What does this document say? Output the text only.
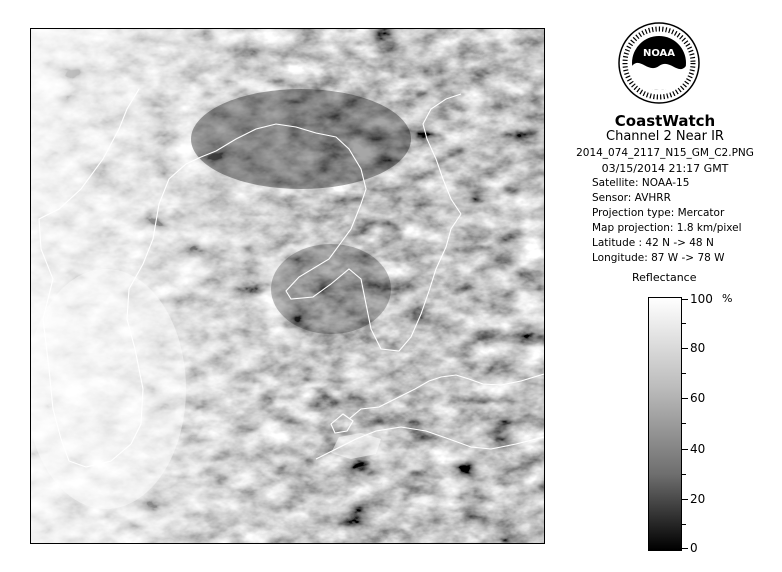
NOAA
CoastWatch
Channel 2 Near IR
2014_074_2117_N15_GM_C2.PNG
03/15/2014 21:17 GMT
Satellite: NOAA-15
Sensor: AVHRR
Projection type: Mercator
Map projection: 1.8 km/pixel
Latitude : 42 N -> 48 N
Longitude: 87 W -> 78 W
Reflectance
%
100
80
60
40
20
0
